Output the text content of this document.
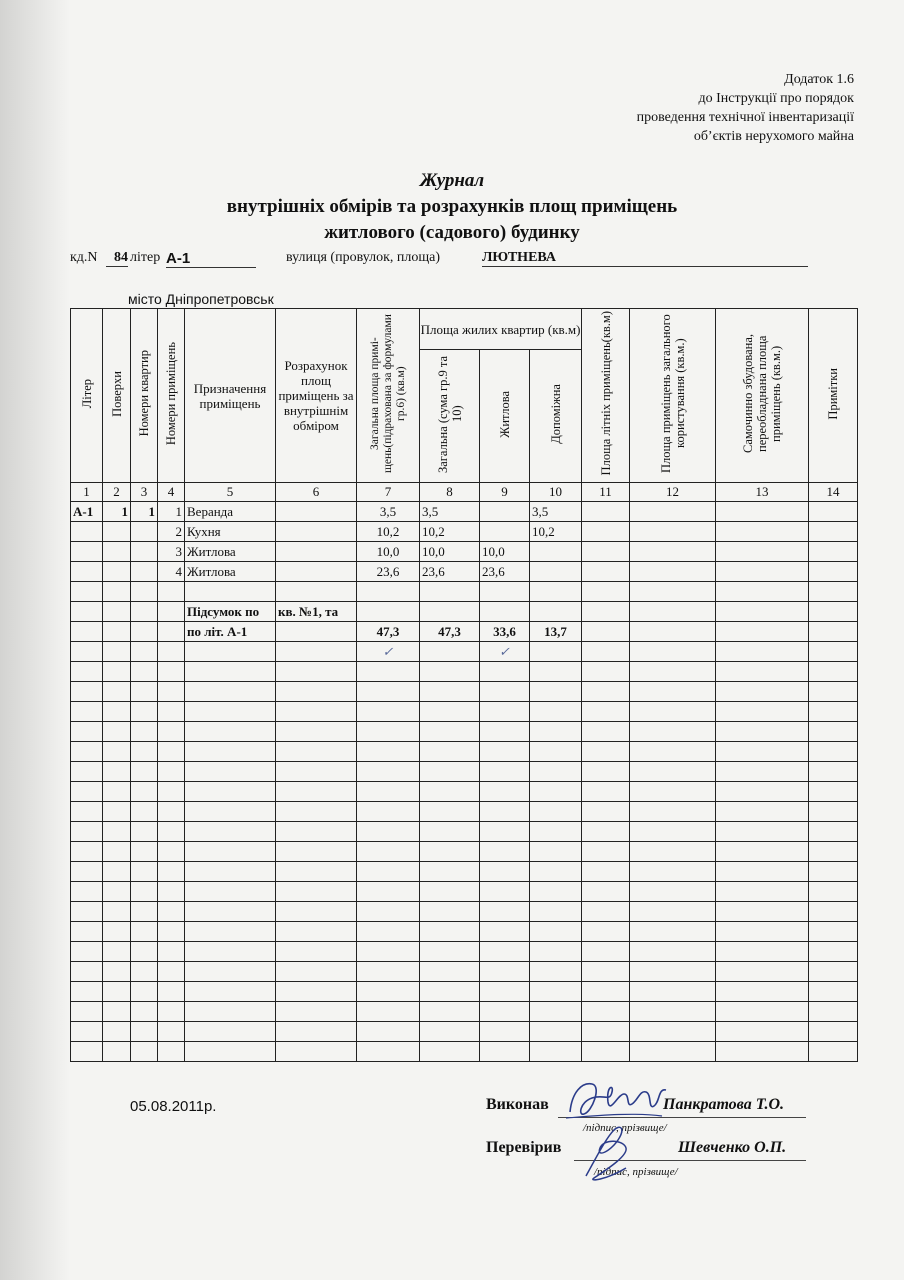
Додаток 1.6
до Інструкції про порядок
проведення технічної інвентаризації
об’єктів нерухомого майна
Журнал
внутрішніх обмірів та розрахунків площ приміщень
житлового (садового) будинку
кд.N	84 літер А-1	вулиця (провулок, площа)	ЛЮТНЕВА
місто Дніпропетровськ
Літер	Поверхи	Номери квартир	Номери приміщень	Призначення приміщень	Розрахунок площ приміщень за внутрішнім обміром	Загальна площа примі-щень(підрахована за формулами гр.6) (кв.м)	Площа жилих квартир (кв.м)			Площа літніх приміщень(кв.м)	Площа приміщень загального користування (кв.м.)	Самочинно збудована, переобладнана площа приміщень (кв.м.)	Примітки
							Загальна (сума гр.9 та 10)	Житлова	Допоміжна				
1	2	3	4	5	6	7	8	9	10	11	12	13	14
А-1	1	1	1	Веранда		3,5	3,5		3,5				
			2	Кухня		10,2	10,2		10,2				
			3	Житлова		10,0	10,0	10,0					
			4	Житлова		23,6	23,6	23,6					

				Підсумок по	кв. №1, та								
				по літ. А-1		47,3	47,3	33,6	13,7				
						✓		✓					

05.08.2011р.	Виконав	Панкратова Т.О.
/підпис, прізвище/
Перевірив	Шевченко О.П.
/підпис, прізвище/
